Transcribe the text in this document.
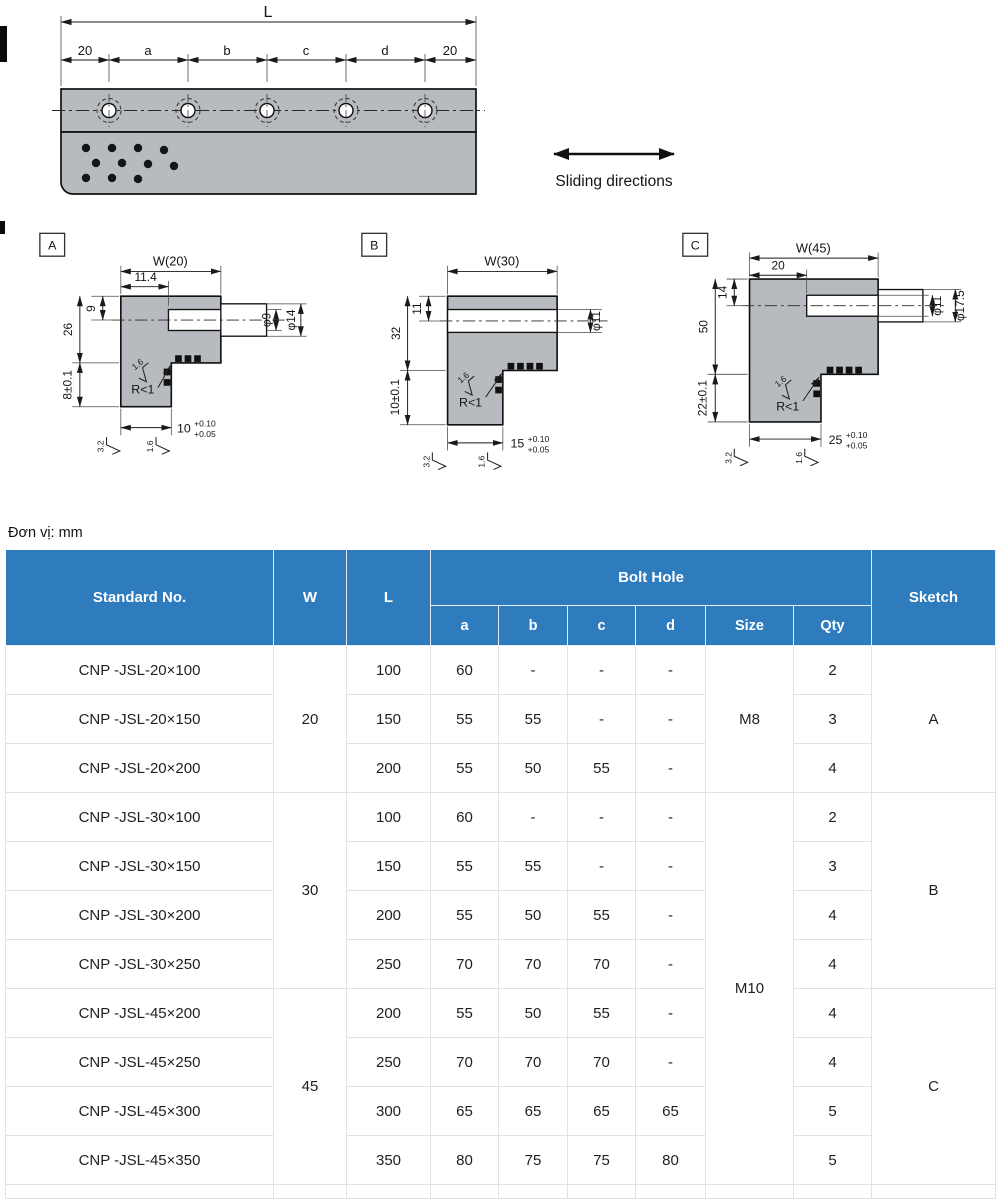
L
20	a	b	c	d	20
Sliding directions
A
W(20)
11.4
9
26
8±0.1
φ9 φ14
R<1
10 +0.10
+0.05
1.6
3.2	1.6
B
W(30)
11
32
10±0.1
φ11
R<1
15 +0.10
+0.05
1.6
3.2	1.6
C	W(45)
20
14
50
22±0.1
φ11 φ17.5
R<1
25 +0.10
+0.05
1.6
3.2	1.6
Đơn vị: mm
Standard No.	W	L	Bolt Hole						Sketch
			a	b	c	d	Size	Qty	
CNP -JSL-20×100	20	100	60	-	-	-	M8	2	A
CNP -JSL-20×150		150	55	55	-	-		3	
CNP -JSL-20×200		200	55	50	55	-		4	
CNP -JSL-30×100	30	100	60	-	-	-	M10	2	B
CNP -JSL-30×150		150	55	55	-	-		3	
CNP -JSL-30×200		200	55	50	55	-		4	
CNP -JSL-30×250		250	70	70	70	-		4	
CNP -JSL-45×200	45	200	55	50	55	-		4	C
CNP -JSL-45×250		250	70	70	70	-		4	
CNP -JSL-45×300		300	65	65	65	65		5	
CNP -JSL-45×350		350	80	75	75	80		5	
